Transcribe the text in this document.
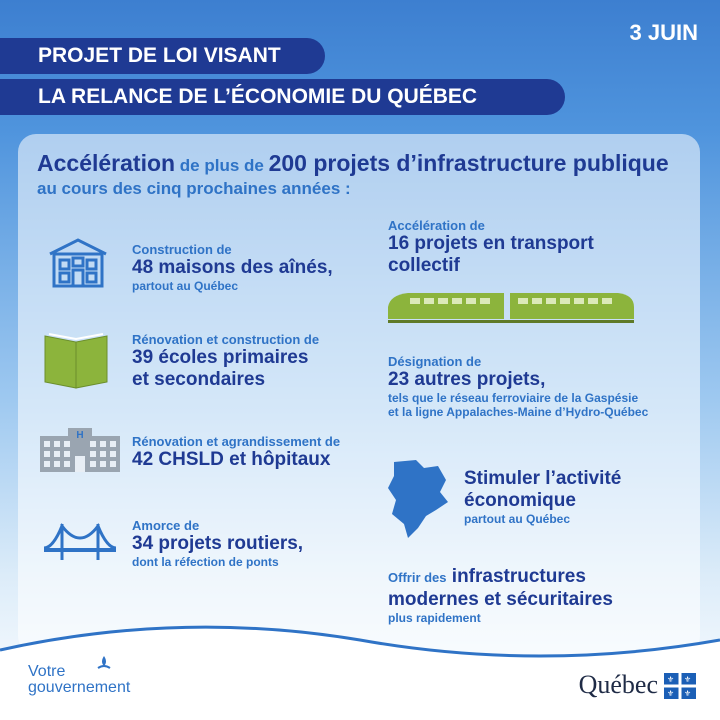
3 JUIN
PROJET DE LOI VISANT
LA RELANCE DE L’ÉCONOMIE DU QUÉBEC
Accélération de plus de 200 projets d’infrastructure publique
au cours des cinq prochaines années :
H
Construction de
48 maisons des aînés,
partout au Québec
Rénovation et construction de
39 écoles primaires
et secondaires
Rénovation et agrandissement de
42 CHSLD et hôpitaux
Amorce de
34 projets routiers,
dont la réfection de ponts
Accélération de
16 projets en transport
collectif
Désignation de
23 autres projets,
tels que le réseau ferroviaire de la Gaspésie
et la ligne Appalaches-Maine d’Hydro-Québec
Stimuler l’activité
économique
partout au Québec
Offrir des infrastructures
modernes et sécuritaires
plus rapidement
Votre
gouvernement	Québec ⚜ ⚜
⚜ ⚜
